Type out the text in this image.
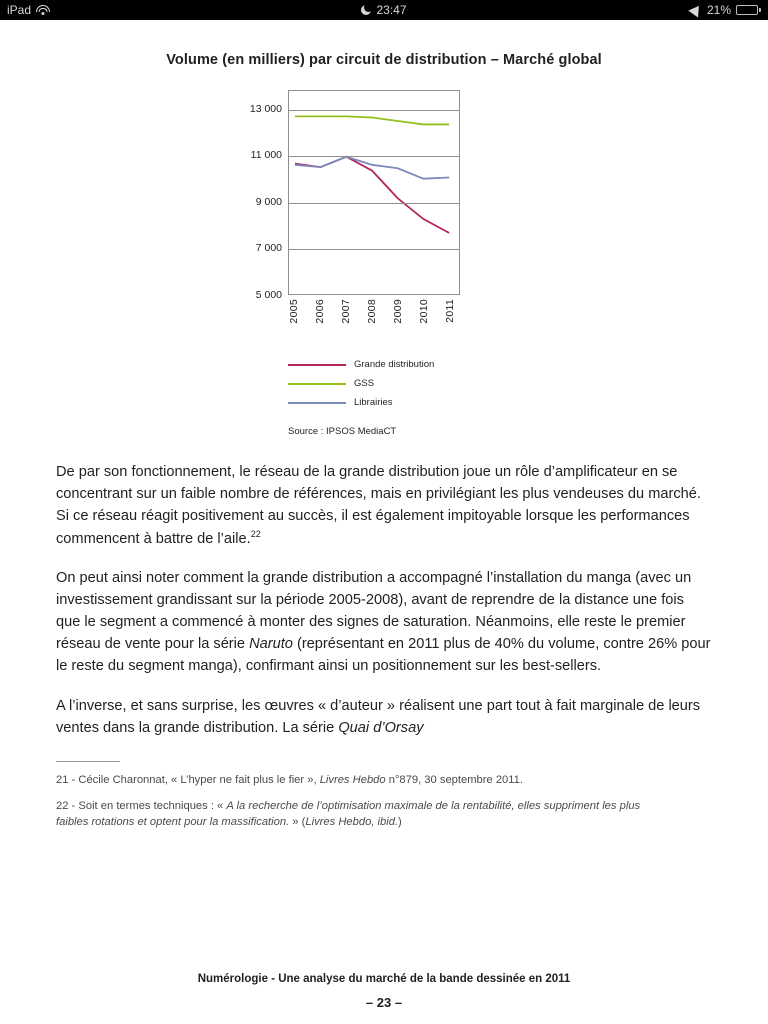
iPad	23:47	21%
Volume (en milliers) par circuit de distribution – Marché global
5 000
7 000
9 000
11 000
13 000
2005 2006 2007 2008 2009 2010 2011
Grande distribution
GSS
Librairies
Source : IPSOS MediaCT

De par son fonctionnement, le réseau de la grande distribution joue un rôle d’amplificateur en se concentrant sur un faible nombre de références, mais en privilégiant les plus vendeuses du marché. Si ce réseau réagit positivement au succès, il est également impitoyable lorsque les performances commencent à battre de l’aile.$^{22}$

On peut ainsi noter comment la grande distribution a accompagné l’installation du manga (avec un investissement grandissant sur la période 2005-2008), avant de reprendre de la distance une fois que le segment a commencé à monter des signes de saturation. Néanmoins, elle reste le premier réseau de vente pour la série Naruto (représentant en 2011 plus de 40% du volume, contre 26% pour le reste du segment manga), confirmant ainsi un positionnement sur les best-sellers.

A l’inverse, et sans surprise, les œuvres « d’auteur » réalisent une part tout à fait marginale de leurs ventes dans la grande distribution. La série Quai d’Orsay

21 - Cécile Charonnat, « L’hyper ne fait plus le fier », Livres Hebdo n°879, 30 septembre 2011.
22 - Soit en termes techniques : « A la recherche de l’optimisation maximale de la rentabilité, elles suppriment les plus faibles rotations et optent pour la massification. » (Livres Hebdo, ibid.)
Numérologie - Une analyse du marché de la bande dessinée en 2011
– 23 –
